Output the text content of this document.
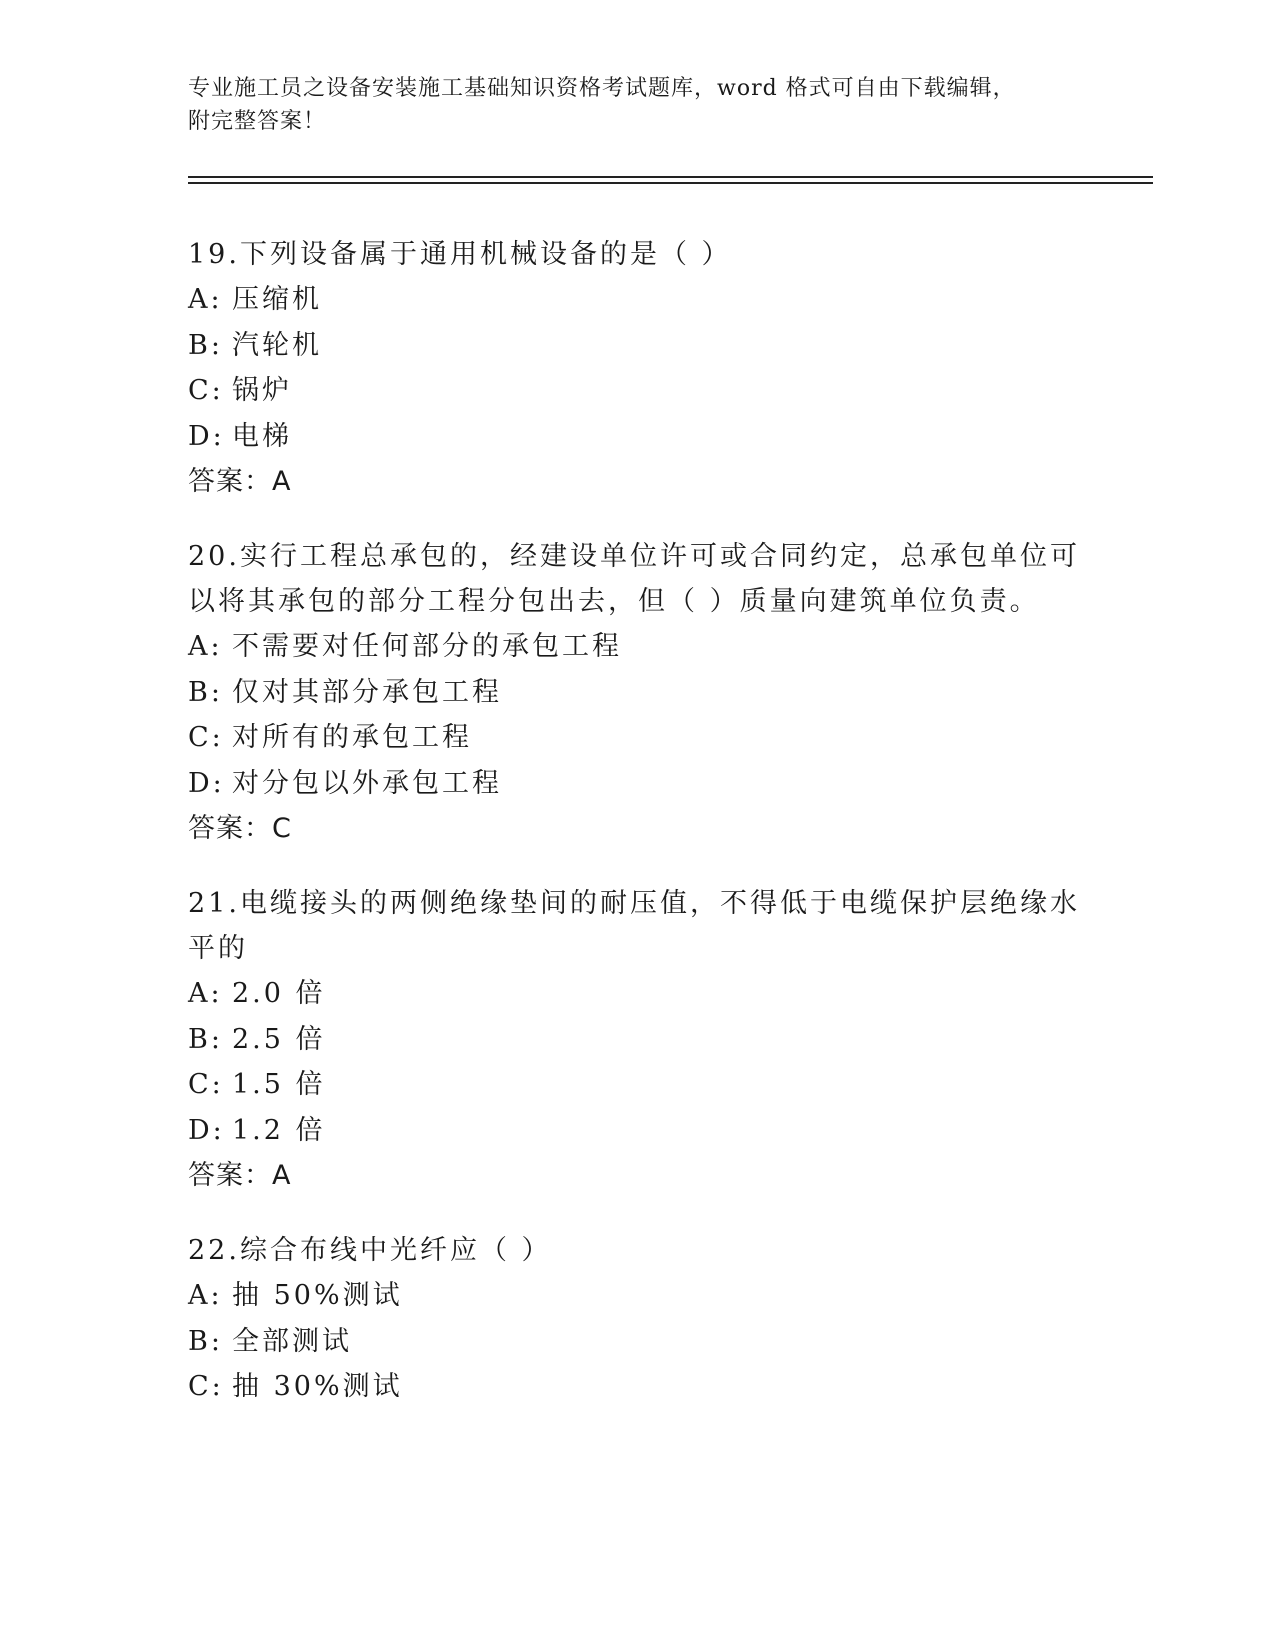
专业施工员之设备安装施工基础知识资格考试题库，word 格式可自由下载编辑，
附完整答案！

19.下列设备属于通用机械设备的是（ ）

A: 压缩机
B: 汽轮机
C: 锅炉
D: 电梯
答案：A

20.实行工程总承包的，经建设单位许可或合同约定，总承包单位可以将其承包的部分工程分包出去，但（ ）质量向建筑单位负责。

A: 不需要对任何部分的承包工程
B: 仅对其部分承包工程
C: 对所有的承包工程
D: 对分包以外承包工程
答案：C

21.电缆接头的两侧绝缘垫间的耐压值，不得低于电缆保护层绝缘水平的

A: 2.0 倍
B: 2.5 倍
C: 1.5 倍
D: 1.2 倍
答案：A

22.综合布线中光纤应（ ）

A: 抽 50%测试
B: 全部测试
C: 抽 30%测试
